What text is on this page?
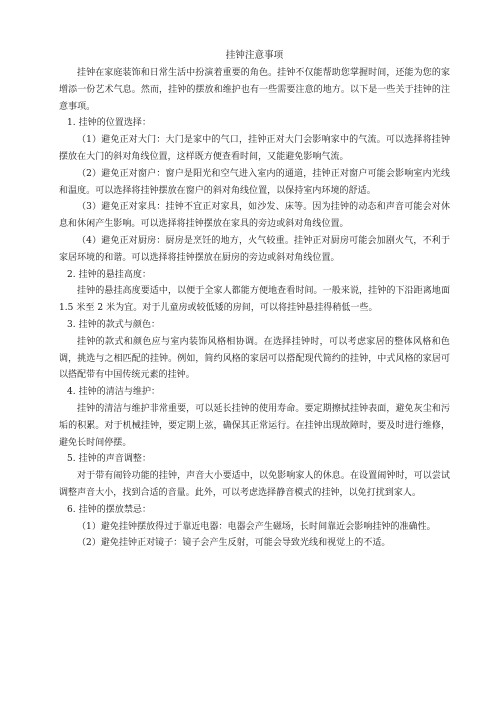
挂钟注意事项

挂钟在家庭装饰和日常生活中扮演着重要的角色。挂钟不仅能帮助您掌握时间，还能为您的家增添一份艺术气息。然而，挂钟的摆放和维护也有一些需要注意的地方。以下是一些关于挂钟的注意事项。

1. 挂钟的位置选择：

（1）避免正对大门：大门是家中的气口，挂钟正对大门会影响家中的气流。可以选择将挂钟摆放在大门的斜对角线位置，这样既方便查看时间，又能避免影响气流。

（2）避免正对窗户：窗户是阳光和空气进入室内的通道，挂钟正对窗户可能会影响室内光线和温度。可以选择将挂钟摆放在窗户的斜对角线位置，以保持室内环境的舒适。

（3）避免正对家具：挂钟不宜正对家具，如沙发、床等。因为挂钟的动态和声音可能会对休息和休闲产生影响。可以选择将挂钟摆放在家具的旁边或斜对角线位置。

（4）避免正对厨房：厨房是烹饪的地方，火气较重。挂钟正对厨房可能会加剧火气，不利于家居环境的和谐。可以选择将挂钟摆放在厨房的旁边或斜对角线位置。

2. 挂钟的悬挂高度：

挂钟的悬挂高度要适中，以便于全家人都能方便地查看时间。一般来说，挂钟的下沿距离地面 1.5 米至 2 米为宜。对于儿童房或较低矮的房间，可以将挂钟悬挂得稍低一些。

3. 挂钟的款式与颜色：

挂钟的款式和颜色应与室内装饰风格相协调。在选择挂钟时，可以考虑家居的整体风格和色调，挑选与之相匹配的挂钟。例如，简约风格的家居可以搭配现代简约的挂钟，中式风格的家居可以搭配带有中国传统元素的挂钟。

4. 挂钟的清洁与维护：

挂钟的清洁与维护非常重要，可以延长挂钟的使用寿命。要定期擦拭挂钟表面，避免灰尘和污垢的积累。对于机械挂钟，要定期上弦，确保其正常运行。在挂钟出现故障时，要及时进行维修，避免长时间停摆。

5. 挂钟的声音调整：

对于带有闹铃功能的挂钟，声音大小要适中，以免影响家人的休息。在设置闹钟时，可以尝试调整声音大小，找到合适的音量。此外，可以考虑选择静音模式的挂钟，以免打扰到家人。

6. 挂钟的摆放禁忌：

（1）避免挂钟摆放得过于靠近电器：电器会产生磁场，长时间靠近会影响挂钟的准确性。

（2）避免挂钟正对镜子：镜子会产生反射，可能会导致光线和视觉上的不适。
